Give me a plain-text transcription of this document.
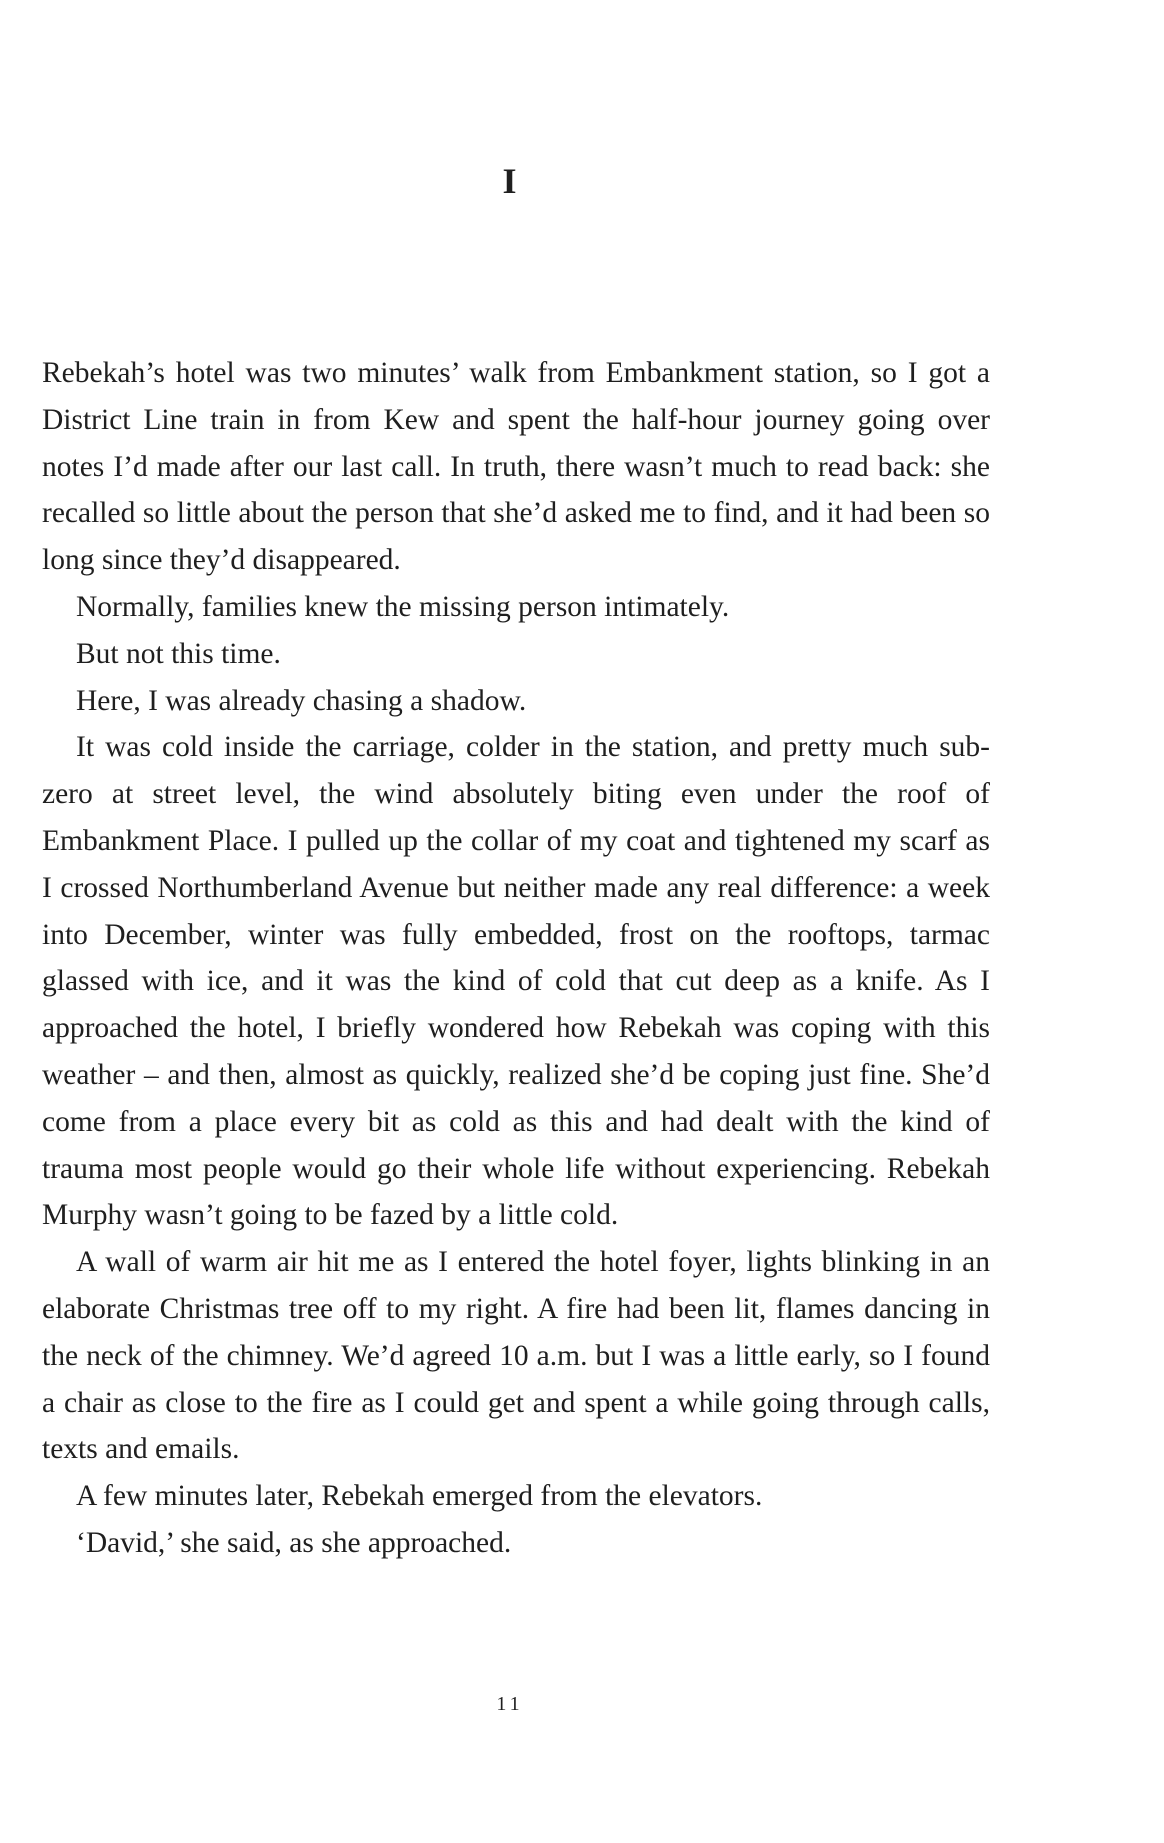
I

Rebekah’s hotel was two minutes’ walk from Embankment station, so I got a District Line train in from Kew and spent the half-hour journey going over notes I’d made after our last call. In truth, there wasn’t much to read back: she recalled so little about the person that she’d asked me to find, and it had been so long since they’d disappeared.

Normally, families knew the missing person intimately.

But not this time.

Here, I was already chasing a shadow.

It was cold inside the carriage, colder in the station, and pretty much sub-zero at street level, the wind absolutely biting even under the roof of Embankment Place. I pulled up the collar of my coat and tightened my scarf as I crossed Northumberland Avenue but neither made any real difference: a week into December, winter was fully embedded, frost on the rooftops, tarmac glassed with ice, and it was the kind of cold that cut deep as a knife. As I approached the hotel, I briefly wondered how Rebekah was coping with this weather – and then, almost as quickly, realized she’d be coping just fine. She’d come from a place every bit as cold as this and had dealt with the kind of trauma most people would go their whole life without experiencing. Rebekah Murphy wasn’t going to be fazed by a little cold.

A wall of warm air hit me as I entered the hotel foyer, lights blinking in an elaborate Christmas tree off to my right. A fire had been lit, flames dancing in the neck of the chimney. We’d agreed 10 a.m. but I was a little early, so I found a chair as close to the fire as I could get and spent a while going through calls, texts and emails.

A few minutes later, Rebekah emerged from the elevators.

‘David,’ she said, as she approached.

11
